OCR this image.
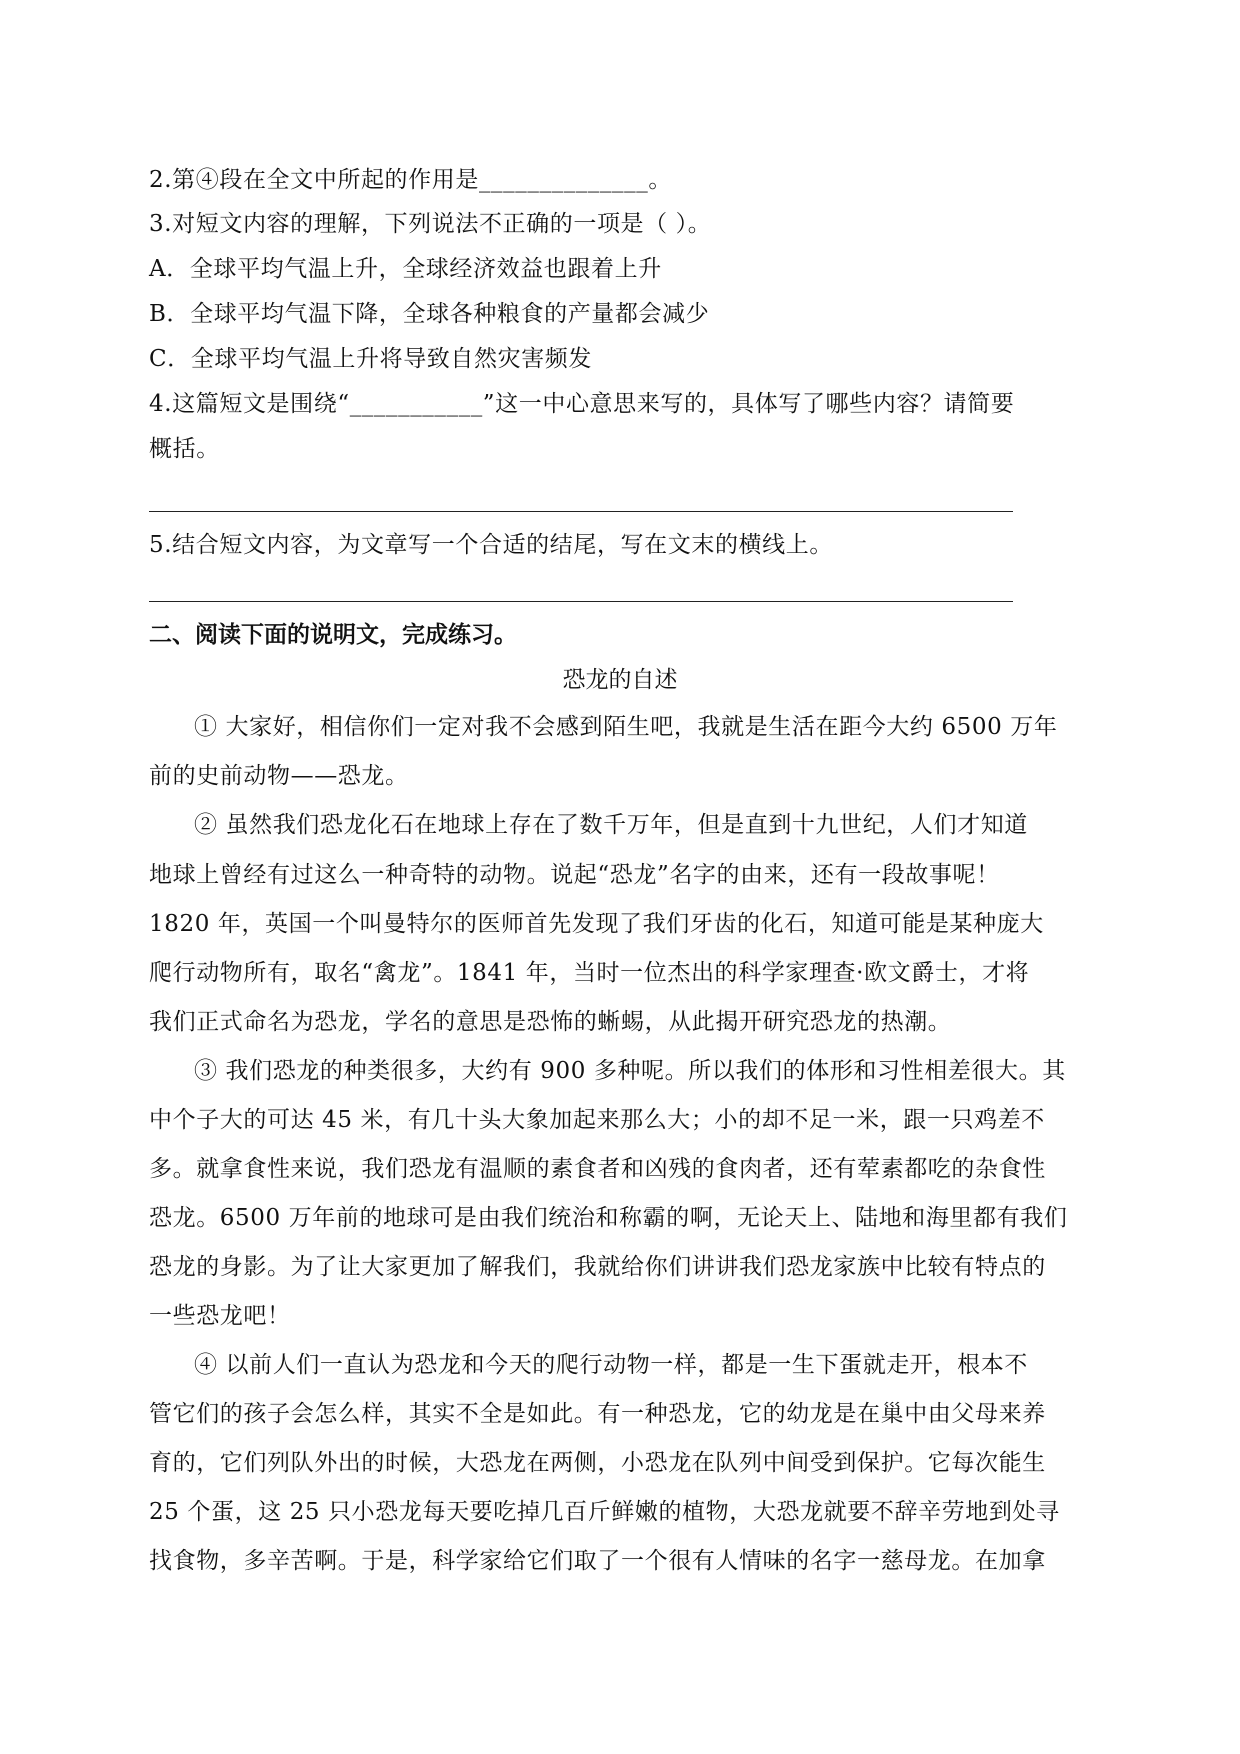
2.第④段在全文中所起的作用是______________。
3.对短文内容的理解，下列说法不正确的一项是（ ）。
A．全球平均气温上升，全球经济效益也跟着上升
B．全球平均气温下降，全球各种粮食的产量都会减少
C．全球平均气温上升将导致自然灾害频发
4.这篇短文是围绕“___________”这一中心意思来写的，具体写了哪些内容？请简要
概括。
5.结合短文内容，为文章写一个合适的结尾，写在文末的横线上。
二、阅读下面的说明文，完成练习。
恐龙的自述
① 大家好，相信你们一定对我不会感到陌生吧，我就是生活在距今大约 6500 万年
前的史前动物——恐龙。
② 虽然我们恐龙化石在地球上存在了数千万年，但是直到十九世纪，人们才知道
地球上曾经有过这么一种奇特的动物。说起“恐龙”名字的由来，还有一段故事呢！
1820 年，英国一个叫曼特尔的医师首先发现了我们牙齿的化石，知道可能是某种庞大
爬行动物所有，取名“禽龙”。1841 年，当时一位杰出的科学家理查·欧文爵士，才将
我们正式命名为恐龙，学名的意思是恐怖的蜥蜴，从此揭开研究恐龙的热潮。
③ 我们恐龙的种类很多，大约有 900 多种呢。所以我们的体形和习性相差很大。其
中个子大的可达 45 米，有几十头大象加起来那么大；小的却不足一米，跟一只鸡差不
多。就拿食性来说，我们恐龙有温顺的素食者和凶残的食肉者，还有荤素都吃的杂食性
恐龙。6500 万年前的地球可是由我们统治和称霸的啊，无论天上、陆地和海里都有我们
恐龙的身影。为了让大家更加了解我们，我就给你们讲讲我们恐龙家族中比较有特点的
一些恐龙吧！
④ 以前人们一直认为恐龙和今天的爬行动物一样，都是一生下蛋就走开，根本不
管它们的孩子会怎么样，其实不全是如此。有一种恐龙，它的幼龙是在巢中由父母来养
育的，它们列队外出的时候，大恐龙在两侧，小恐龙在队列中间受到保护。它每次能生
25 个蛋，这 25 只小恐龙每天要吃掉几百斤鲜嫩的植物，大恐龙就要不辞辛劳地到处寻
找食物，多辛苦啊。于是，科学家给它们取了一个很有人情味的名字一慈母龙。在加拿
